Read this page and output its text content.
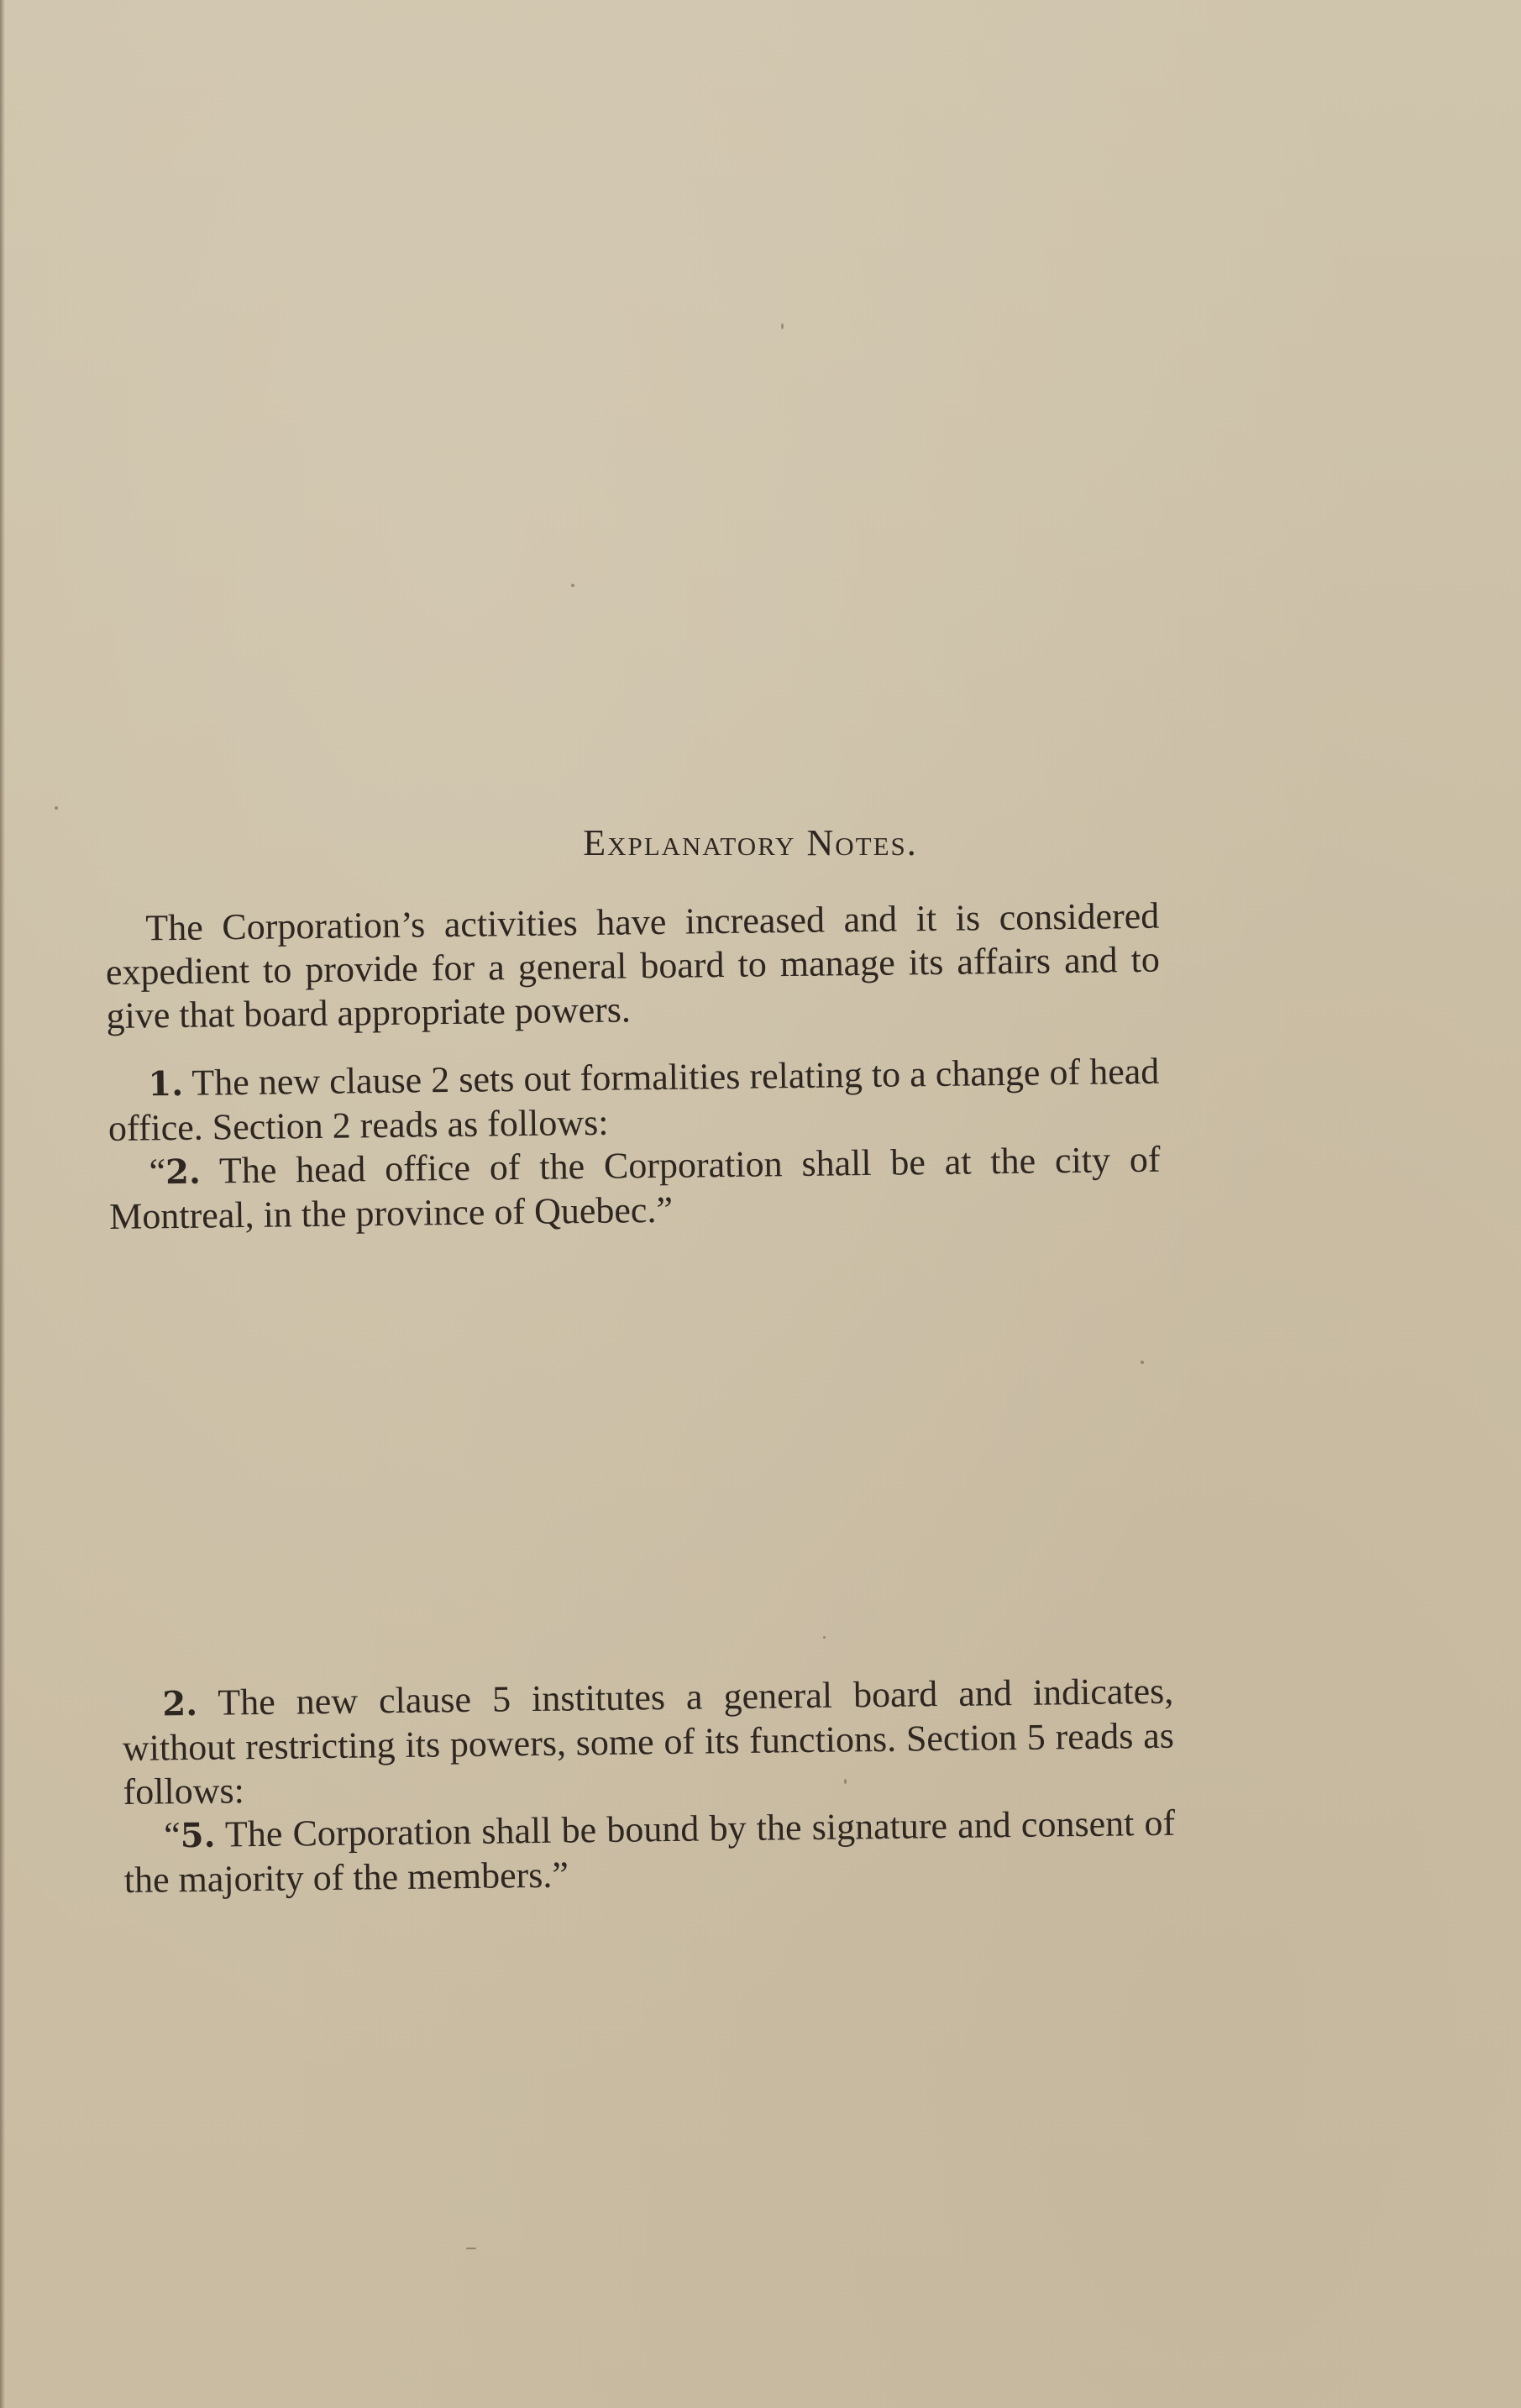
Explanatory Notes.

The Corporation’s activities have increased and it is considered expedient to provide for a general board to manage its affairs and to give that board appropriate powers.

1. The new clause 2 sets out formalities relating to a change of head office. Section 2 reads as follows:
“2. The head office of the Corporation shall be at the city of Montreal, in the province of Quebec.”

2. The new clause 5 institutes a general board and indicates, without restricting its powers, some of its functions. Section 5 reads as follows:
“5. The Corporation shall be bound by the signature and consent of the majority of the members.”
